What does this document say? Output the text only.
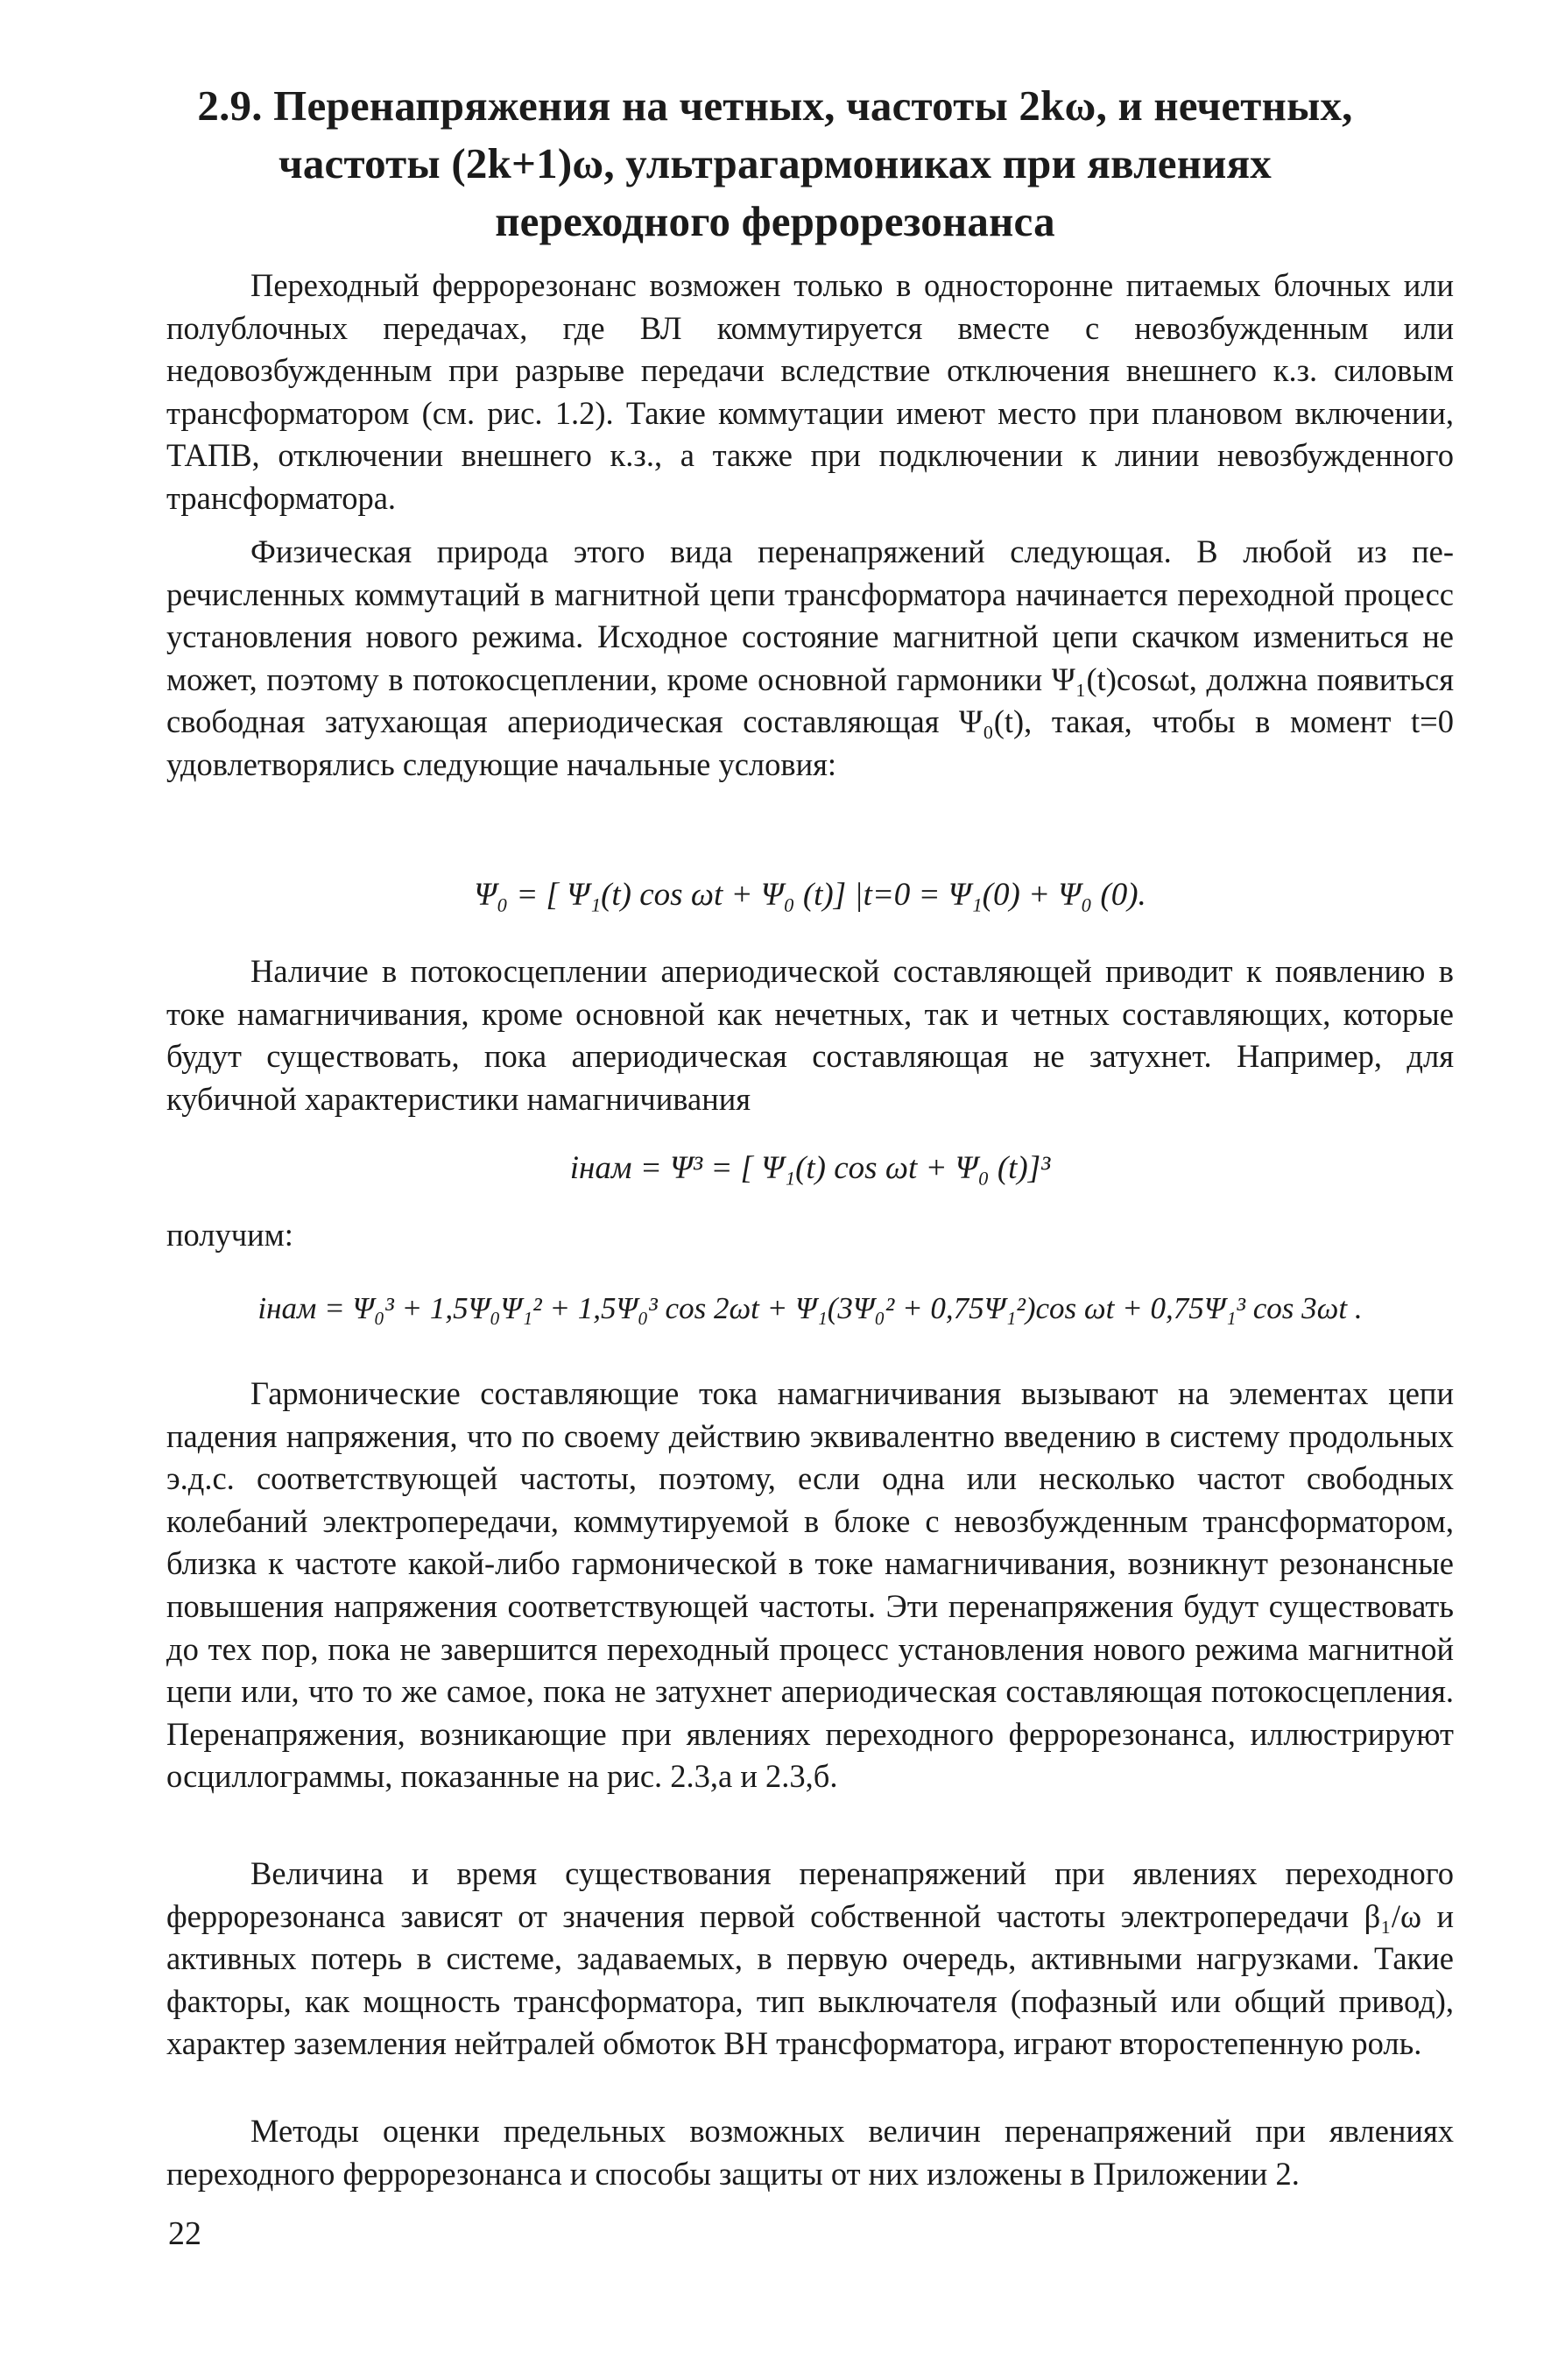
2.9. Перенапряжения на четных, частоты 2kω, и нечетных,
частоты (2k+1)ω, ультрагармониках при явлениях
переходного феррорезонанса

Переходный феррорезонанс возможен только в односторонне питаемых блочных или полублочных передачах, где ВЛ коммутируется вместе с невозбужденным или недовозбужденным при разрыве передачи вследствие отключения внешнего к.з. силовым трансформатором (см. рис. 1.2). Такие коммутации имеют место при плановом включении, ТАПВ, отключении внешнего к.з., а также при подключении к линии невозбужденного трансформатора.

Физическая природа этого вида перенапряжений следующая. В любой из перечисленных коммутаций в магнитной цепи трансформатора начинается переходной процесс установления нового режима. Исходное состояние магнитной цепи скачком измениться не может, поэтому в потокосцеплении, кроме основной гармоники Ψ₁(t)cosωt, должна появиться свободная затухающая апериодическая составляющая Ψ₀(t), такая, чтобы в момент t=0 удовлетворялись следующие начальные условия:

Ψ₀ = [ Ψ₁(t) cos ωt + Ψ₀ (t)] |t=0 = Ψ₁(0) + Ψ₀ (0).

Наличие в потокосцеплении апериодической составляющей приводит к появлению в токе намагничивания, кроме основной как нечетных, так и четных составляющих, которые будут существовать, пока апериодическая составляющая не затухнет. Например, для кубичной характеристики намагничивания

iнам = Ψ³ = [ Ψ₁(t) cos ωt + Ψ₀ (t)]³
получим:
iнам = Ψ₀³ + 1,5Ψ₀Ψ₁² + 1,5Ψ₀³ cos 2ωt + Ψ₁(3Ψ₀² + 0,75Ψ₁²)cos ωt + 0,75Ψ₁³ cos 3ωt .

Гармонические составляющие тока намагничивания вызывают на элементах цепи падения напряжения, что по своему действию эквивалентно введению в систему продольных э.д.с. соответствующей частоты, поэтому, если одна или несколько частот свободных колебаний электропередачи, коммутируемой в блоке с невозбужденным трансформатором, близка к частоте какой-либо гармонической в токе намагничивания, возникнут резонансные повышения напряжения соответствующей частоты. Эти перенапряжения будут существовать до тех пор, пока не завершится переходный процесс установления нового режима магнитной цепи или, что то же самое, пока не затухнет апериодическая составляющая потокосцепления. Перенапряжения, возникающие при явлениях переходного феррорезонанса, иллюстрируют осциллограммы, показанные на рис. 2.3,а и 2.3,б.

Величина и время существования перенапряжений при явлениях переходного феррорезонанса зависят от значения первой собственной частоты электропередачи β₁/ω и активных потерь в системе, задаваемых, в первую очередь, активными нагрузками. Такие факторы, как мощность трансформатора, тип выключателя (пофазный или общий привод), характер заземления нейтралей обмоток ВН трансформатора, играют второстепенную роль.

Методы оценки предельных возможных величин перенапряжений при явлениях переходного феррорезонанса и способы защиты от них изложены в Приложении 2.

22
